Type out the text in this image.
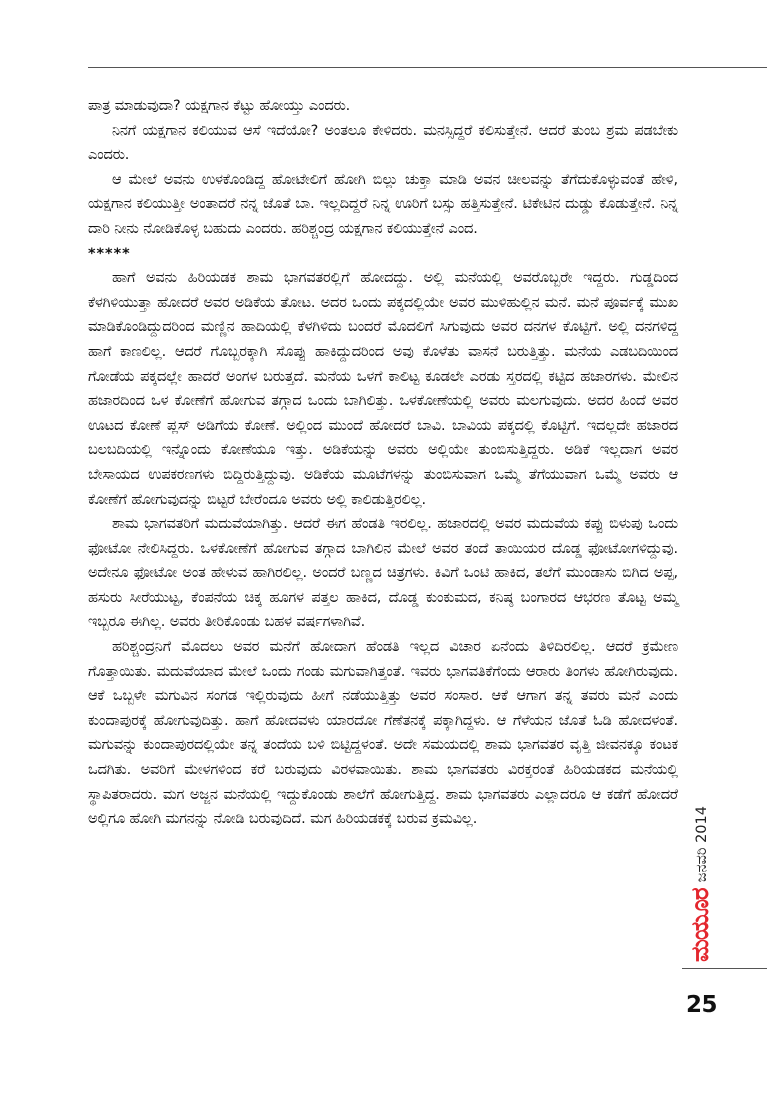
ಪಾತ್ರ ಮಾಡುವುದಾ? ಯಕ್ಷಗಾನ ಕೆಟ್ಟು ಹೋಯ್ತು ಎಂದರು.

ನಿನಗೆ ಯಕ್ಷಗಾನ ಕಲಿಯುವ ಆಸೆ ಇದೆಯೋ? ಅಂತಲೂ ಕೇಳಿದರು. ಮನಸ್ಸಿದ್ದರೆ ಕಲಿಸುತ್ತೇನೆ. ಆದರೆ ತುಂಬ ಶ್ರಮ ಪಡಬೇಕು ಎಂದರು.

ಆ ಮೇಲೆ ಅವನು ಉಳಕೊಂಡಿದ್ದ ಹೋಟೇಲಿಗೆ ಹೋಗಿ ಬಿಲ್ಲು ಚುಕ್ತಾ ಮಾಡಿ ಅವನ ಚೀಲವನ್ನು ತೆಗೆದುಕೊಳ್ಳುವಂತೆ ಹೇಳಿ, ಯಕ್ಷಗಾನ ಕಲಿಯುತ್ತೀ ಅಂತಾದರೆ ನನ್ನ ಜೊತೆ ಬಾ. ಇಲ್ಲದಿದ್ದರೆ ನಿನ್ನ ಊರಿಗೆ ಬಸ್ಸು ಹತ್ತಿಸುತ್ತೇನೆ. ಟಿಕೇಟಿನ ದುಡ್ಡು ಕೊಡುತ್ತೇನೆ. ನಿನ್ನ ದಾರಿ ನೀನು ನೋಡಿಕೊಳ್ಳ ಬಹುದು ಎಂದರು. ಹರಿಶ್ಚಂದ್ರ ಯಕ್ಷಗಾನ ಕಲಿಯುತ್ತೇನೆ ಎಂದ.

*****

ಹಾಗೆ ಅವನು ಹಿರಿಯಡಕ ಶಾಮ ಭಾಗವತರಲ್ಲಿಗೆ ಹೋದದ್ದು. ಅಲ್ಲಿ ಮನೆಯಲ್ಲಿ ಅವರೊಬ್ಬರೇ ಇದ್ದರು. ಗುಡ್ಡದಿಂದ ಕೆಳಗಿಳಿಯುತ್ತಾ ಹೋದರೆ ಅವರ ಅಡಿಕೆಯ ತೋಟ. ಅದರ ಒಂದು ಪಕ್ಕದಲ್ಲಿಯೇ ಅವರ ಮುಳಿಹುಲ್ಲಿನ ಮನೆ. ಮನೆ ಪೂರ್ವಕ್ಕೆ ಮುಖ ಮಾಡಿಕೊಂಡಿದ್ದುದರಿಂದ ಮಣ್ಣಿನ ಹಾದಿಯಲ್ಲಿ ಕೆಳಗಿಳಿದು ಬಂದರೆ ಮೊದಲಿಗೆ ಸಿಗುವುದು ಅವರ ದನಗಳ ಕೊಟ್ಟಿಗೆ. ಅಲ್ಲಿ ದನಗಳಿದ್ದ ಹಾಗೆ ಕಾಣಲಿಲ್ಲ. ಆದರೆ ಗೊಬ್ಬರಕ್ಕಾಗಿ ಸೊಪ್ಪು ಹಾಕಿದ್ದುದರಿಂದ ಅವು ಕೊಳೆತು ವಾಸನೆ ಬರುತ್ತಿತ್ತು. ಮನೆಯ ಎಡಬದಿಯಿಂದ ಗೋಡೆಯ ಪಕ್ಕದಲ್ಲೇ ಹಾದರೆ ಅಂಗಳ ಬರುತ್ತದೆ. ಮನೆಯ ಒಳಗೆ ಕಾಲಿಟ್ಟ ಕೂಡಲೇ ಎರಡು ಸ್ತರದಲ್ಲಿ ಕಟ್ಟಿದ ಹಜಾರಗಳು. ಮೇಲಿನ ಹಜಾರದಿಂದ ಒಳ ಕೋಣೆಗೆ ಹೋಗುವ ತಗ್ಗಾದ ಒಂದು ಬಾಗಿಲಿತ್ತು. ಒಳಕೋಣೆಯಲ್ಲಿ ಅವರು ಮಲಗುವುದು. ಅದರ ಹಿಂದೆ ಅವರ ಊಟದ ಕೋಣೆ ಪ್ಲಸ್ ಅಡಿಗೆಯ ಕೋಣೆ. ಅಲ್ಲಿಂದ ಮುಂದೆ ಹೋದರೆ ಬಾವಿ. ಬಾವಿಯ ಪಕ್ಕದಲ್ಲಿ ಕೊಟ್ಟಿಗೆ. ಇದಲ್ಲದೇ ಹಜಾರದ ಬಲಬದಿಯಲ್ಲಿ ಇನ್ನೊಂದು ಕೋಣೆಯೂ ಇತ್ತು. ಅಡಿಕೆಯನ್ನು ಅವರು ಅಲ್ಲಿಯೇ ತುಂಬಿಸುತ್ತಿದ್ದರು. ಅಡಿಕೆ ಇಲ್ಲದಾಗ ಅವರ ಬೇಸಾಯದ ಉಪಕರಣಗಳು ಬಿದ್ದಿರುತ್ತಿದ್ದುವು. ಅಡಿಕೆಯ ಮೂಟೆಗಳನ್ನು ತುಂಬಿಸುವಾಗ ಒಮ್ಮೆ ತೆಗೆಯುವಾಗ ಒಮ್ಮೆ ಅವರು ಆ ಕೋಣೆಗೆ ಹೋಗುವುದನ್ನು ಬಿಟ್ಟರೆ ಬೇರೆಂದೂ ಅವರು ಅಲ್ಲಿ ಕಾಲಿಡುತ್ತಿರಲಿಲ್ಲ.

ಶಾಮ ಭಾಗವತರಿಗೆ ಮದುವೆಯಾಗಿತ್ತು. ಆದರೆ ಈಗ ಹೆಂಡತಿ ಇರಲಿಲ್ಲ. ಹಜಾರದಲ್ಲಿ ಅವರ ಮದುವೆಯ ಕಪ್ಪು ಬಿಳುಪು ಒಂದು ಫೋಟೋ ನೇಲಿಸಿದ್ದರು. ಒಳಕೋಣೆಗೆ ಹೋಗುವ ತಗ್ಗಾದ ಬಾಗಿಲಿನ ಮೇಲೆ ಅವರ ತಂದೆ ತಾಯಿಯರ ದೊಡ್ಡ ಫೋಟೋಗಳಿದ್ದುವು. ಅದೇನೂ ಫೋಟೋ ಅಂತ ಹೇಳುವ ಹಾಗಿರಲಿಲ್ಲ. ಅಂದರೆ ಬಣ್ಣದ ಚಿತ್ರಗಳು. ಕಿವಿಗೆ ಒಂಟಿ ಹಾಕಿದ, ತಲೆಗೆ ಮುಂಡಾಸು ಬಿಗಿದ ಅಪ್ಪ, ಹಸುರು ಸೀರೆಯುಟ್ಟ, ಕೆಂಪನೆಯ ಚಿಕ್ಕ ಹೂಗಳ ಪತ್ತಲ ಹಾಕಿದ, ದೊಡ್ಡ ಕುಂಕುಮದ, ಕನಿಷ್ಠ ಬಂಗಾರದ ಆಭರಣ ತೊಟ್ಟ ಅಮ್ಮ ಇಬ್ಬರೂ ಈಗಿಲ್ಲ. ಅವರು ತೀರಿಕೊಂಡು ಬಹಳ ವರ್ಷಗಳಾಗಿವೆ.

ಹರಿಶ್ಚಂದ್ರನಿಗೆ ಮೊದಲು ಅವರ ಮನೆಗೆ ಹೋದಾಗ ಹೆಂಡತಿ ಇಲ್ಲದ ವಿಚಾರ ಏನೆಂದು ತಿಳಿದಿರಲಿಲ್ಲ. ಆದರೆ ಕ್ರಮೇಣ ಗೊತ್ತಾಯಿತು. ಮದುವೆಯಾದ ಮೇಲೆ ಒಂದು ಗಂಡು ಮಗುವಾಗಿತ್ತಂತೆ. ಇವರು ಭಾಗವತಿಕೆಗೆಂದು ಆರಾರು ತಿಂಗಳು ಹೋಗಿರುವುದು. ಆಕೆ ಒಬ್ಬಳೇ ಮಗುವಿನ ಸಂಗಡ ಇಲ್ಲಿರುವುದು ಹೀಗೆ ನಡೆಯುತ್ತಿತ್ತು ಅವರ ಸಂಸಾರ. ಆಕೆ ಆಗಾಗ ತನ್ನ ತವರು ಮನೆ ಎಂದು ಕುಂದಾಪುರಕ್ಕೆ ಹೋಗುವುದಿತ್ತು. ಹಾಗೆ ಹೋದವಳು ಯಾರದೋ ಗೆಣೆತನಕ್ಕೆ ಪಕ್ಕಾಗಿದ್ದಳು. ಆ ಗೆಳೆಯನ ಜೊತೆ ಓಡಿ ಹೋದಳಂತೆ. ಮಗುವನ್ನು ಕುಂದಾಪುರದಲ್ಲಿಯೇ ತನ್ನ ತಂದೆಯ ಬಳಿ ಬಿಟ್ಟಿದ್ದಳಂತೆ. ಅದೇ ಸಮಯದಲ್ಲಿ ಶಾಮ ಭಾಗವತರ ವೃತ್ತಿ ಜೀವನಕ್ಕೂ ಕಂಟಕ ಒದಗಿತು. ಅವರಿಗೆ ಮೇಳಗಳಿಂದ ಕರೆ ಬರುವುದು ವಿರಳವಾಯಿತು. ಶಾಮ ಭಾಗವತರು ವಿರಕ್ತರಂತೆ ಹಿರಿಯಡಕದ ಮನೆಯಲ್ಲಿ ಸ್ಥಾಪಿತರಾದರು. ಮಗ ಅಜ್ಜನ ಮನೆಯಲ್ಲಿ ಇದ್ದುಕೊಂಡು ಶಾಲೆಗೆ ಹೋಗುತ್ತಿದ್ದ. ಶಾಮ ಭಾಗವತರು ಎಲ್ಲಾದರೂ ಆ ಕಡೆಗೆ ಹೋದರೆ ಅಲ್ಲಿಗೂ ಹೋಗಿ ಮಗನನ್ನು ನೋಡಿ ಬರುವುದಿದೆ. ಮಗ ಹಿರಿಯಡಕಕ್ಕೆ ಬರುವ ಕ್ರಮವಿಲ್ಲ.	ಜನವರಿ 2014
ಮಯೂರ
25
